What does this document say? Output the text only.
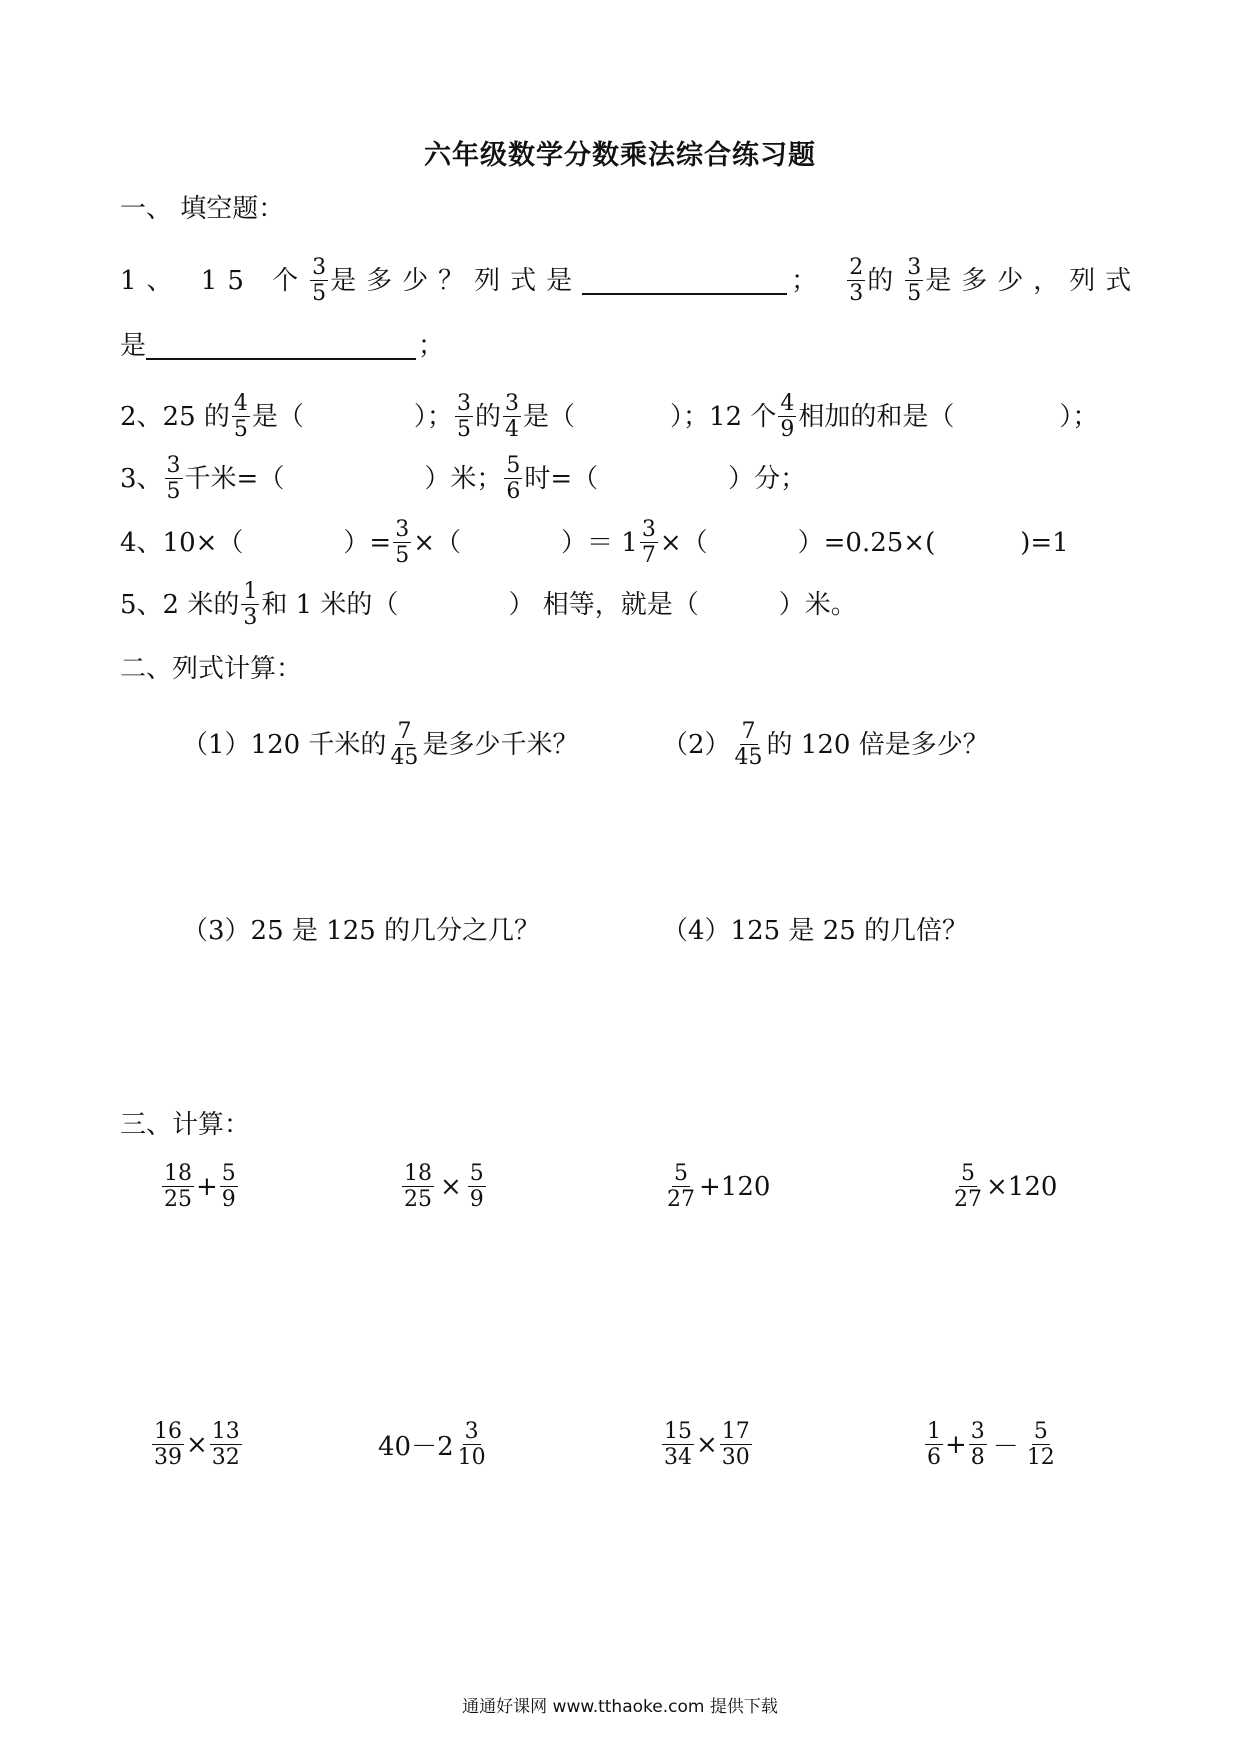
六年级数学分数乘法综合练习题
一、 填空题：
1、 15 个 $\frac{3}{5}$ 是多少？列式是	； $\frac{2}{3}$ 的 $\frac{3}{5}$ 是多少，列式
是	；
2、25 的 $\frac{4}{5}$ 是（	）； $\frac{3}{5}$ 的 $\frac{3}{4}$ 是（	）；12 个 $\frac{4}{9}$ 相加的和是（	）；
3、 $\frac{3}{5}$ 千米=（	）米； $\frac{5}{6}$ 时=（	）分；
4、10×（	）= $\frac{3}{5}$ ×（	）＝ $1 \frac{3}{7}$ ×（	）=0.25×(	)=1
5、2 米的 $\frac{1}{3}$ 和 1 米的（	） 相等，就是（	）米。
二、列式计算：
（1）120 千米的 $\frac{7}{45}$ 是多少千米？	$(2) \frac{7}{45}$ 的 120 倍是多少？
（3）25 是 125 的几分之几？	（4）125 是 25 的几倍？
三、计算：
$\frac{18}{25} + \frac{5}{9}$	$\frac{18}{25} \times \frac{5}{9}$	$\frac{5}{27} +120$	$\frac{5}{27} \times 120$
$\frac{16}{39} \times \frac{13}{32}$	$40-2 \frac{3}{10}$	$\frac{15}{34} \times \frac{17}{30}$	$\frac{1}{6} + \frac{3}{8} - \frac{5}{12}$
通通好课网 www.tthaoke.com 提供下载
